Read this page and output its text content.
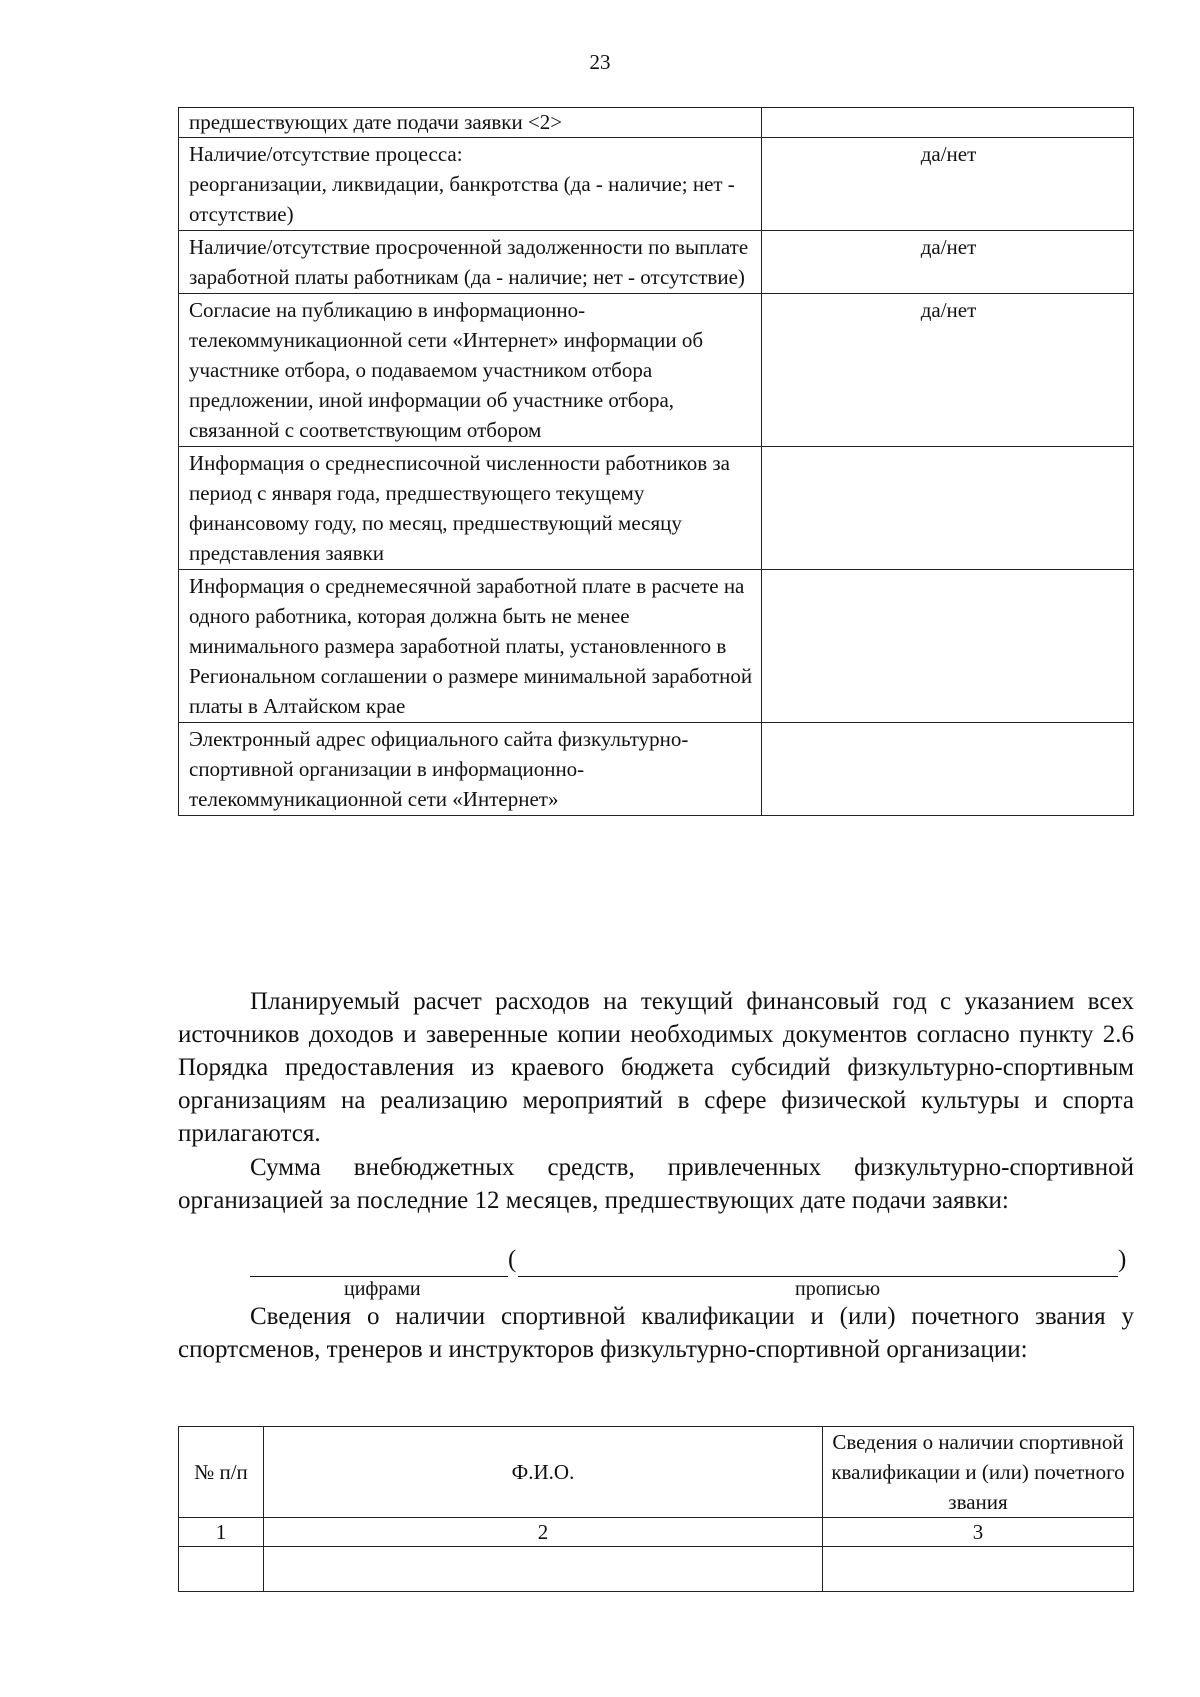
23
предшествующих дате подачи заявки <2>	
Наличие/отсутствие процесса:
реорганизации, ликвидации, банкротства (да - наличие; нет - отсутствие)	да/нет
Наличие/отсутствие просроченной задолженности по выплате заработной платы работникам (да - наличие; нет - отсутствие)	да/нет
Согласие на публикацию в информационно-телекоммуникационной сети «Интернет» информации об участнике отбора, о подаваемом участником отбора предложении, иной информации об участнике отбора, связанной с соответствующим отбором	да/нет
Информация о среднесписочной численности работников за период с января года, предшествующего текущему финансовому году, по месяц, предшествующий месяцу представления заявки	
Информация о среднемесячной заработной плате в расчете на одного работника, которая должна быть не менее минимального размера заработной платы, установленного в Региональном соглашении о размере минимальной заработной платы в Алтайском крае	
Электронный адрес официального сайта физкультурно-спортивной организации в информационно-телекоммуникационной сети «Интернет»	

Планируемый расчет расходов на текущий финансовый год с указанием всех источников доходов и заверенные копии необходимых документов согласно пункту 2.6 Порядка предоставления из краевого бюджета субсидий физкультурно-спортивным организациям на реализацию мероприятий в сфере физической культуры и спорта прилагаются.

Сумма внебюджетных средств, привлеченных физкультурно-спортивной организацией за последние 12 месяцев, предшествующих дате подачи заявки:

(	)
цифрами	прописью

Сведения о наличии спортивной квалификации и (или) почетного звания у спортсменов, тренеров и инструкторов физкультурно-спортивной организации:

№ п/п	Ф.И.О.	Сведения о наличии спортивной квалификации и (или) почетного звания
1	2	3
